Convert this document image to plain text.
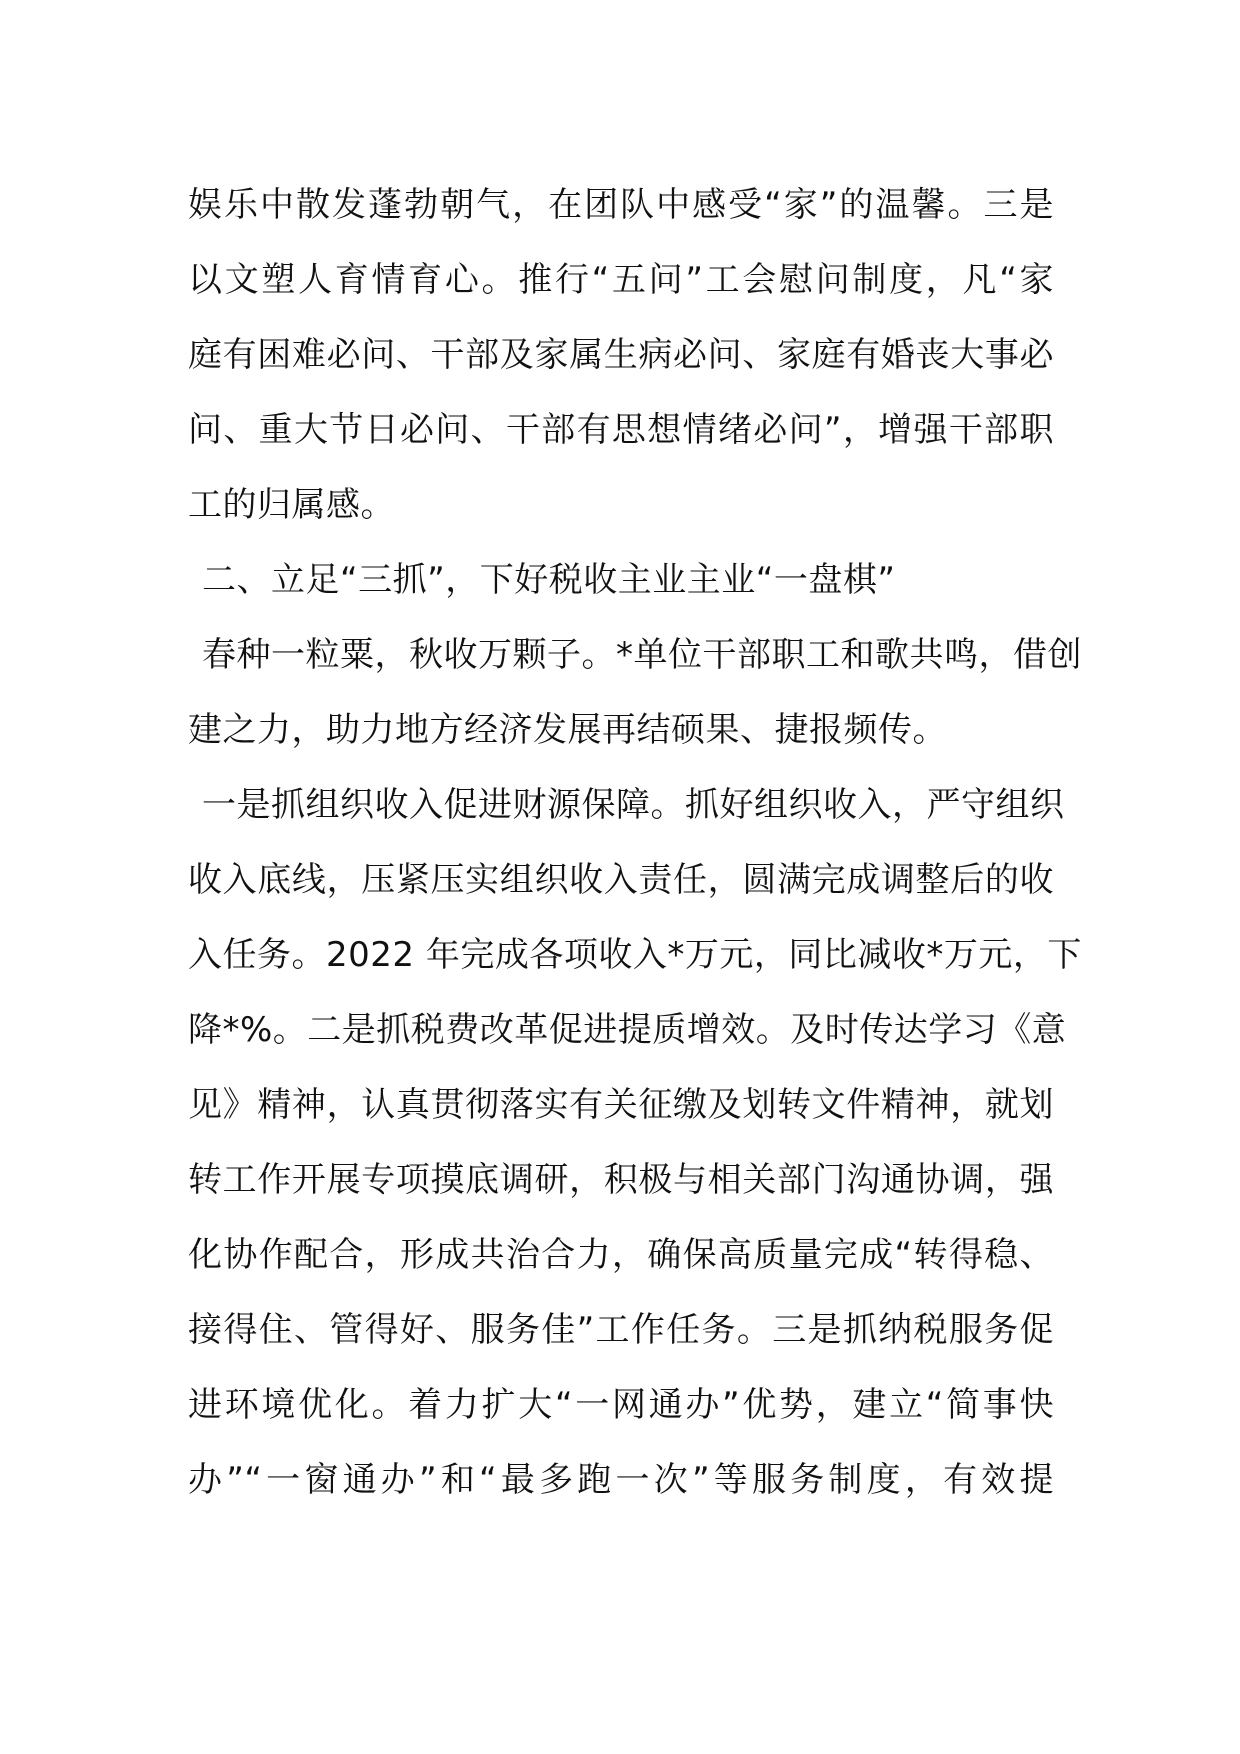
娱乐中散发蓬勃朝气，在团队中感受“家”的温馨。三是
以文塑人育情育心。推行“五问”工会慰问制度，凡“家
庭有困难必问、干部及家属生病必问、家庭有婚丧大事必
问、重大节日必问、干部有思想情绪必问”，增强干部职
工的归属感。
二、立足“三抓”，下好税收主业主业“一盘棋”
春种一粒粟，秋收万颗子。*单位干部职工和歌共鸣，借创
建之力，助力地方经济发展再结硕果、捷报频传。
一是抓组织收入促进财源保障。抓好组织收入，严守组织
收入底线，压紧压实组织收入责任，圆满完成调整后的收
入任务。2022 年完成各项收入*万元，同比减收*万元，下
降*%。二是抓税费改革促进提质增效。及时传达学习《意
见》精神，认真贯彻落实有关征缴及划转文件精神，就划
转工作开展专项摸底调研，积极与相关部门沟通协调，强
化协作配合，形成共治合力，确保高质量完成“转得稳、
接得住、管得好、服务佳”工作任务。三是抓纳税服务促
进环境优化。着力扩大“一网通办”优势，建立“简事快
办”“一窗通办”和“最多跑一次”等服务制度，有效提
